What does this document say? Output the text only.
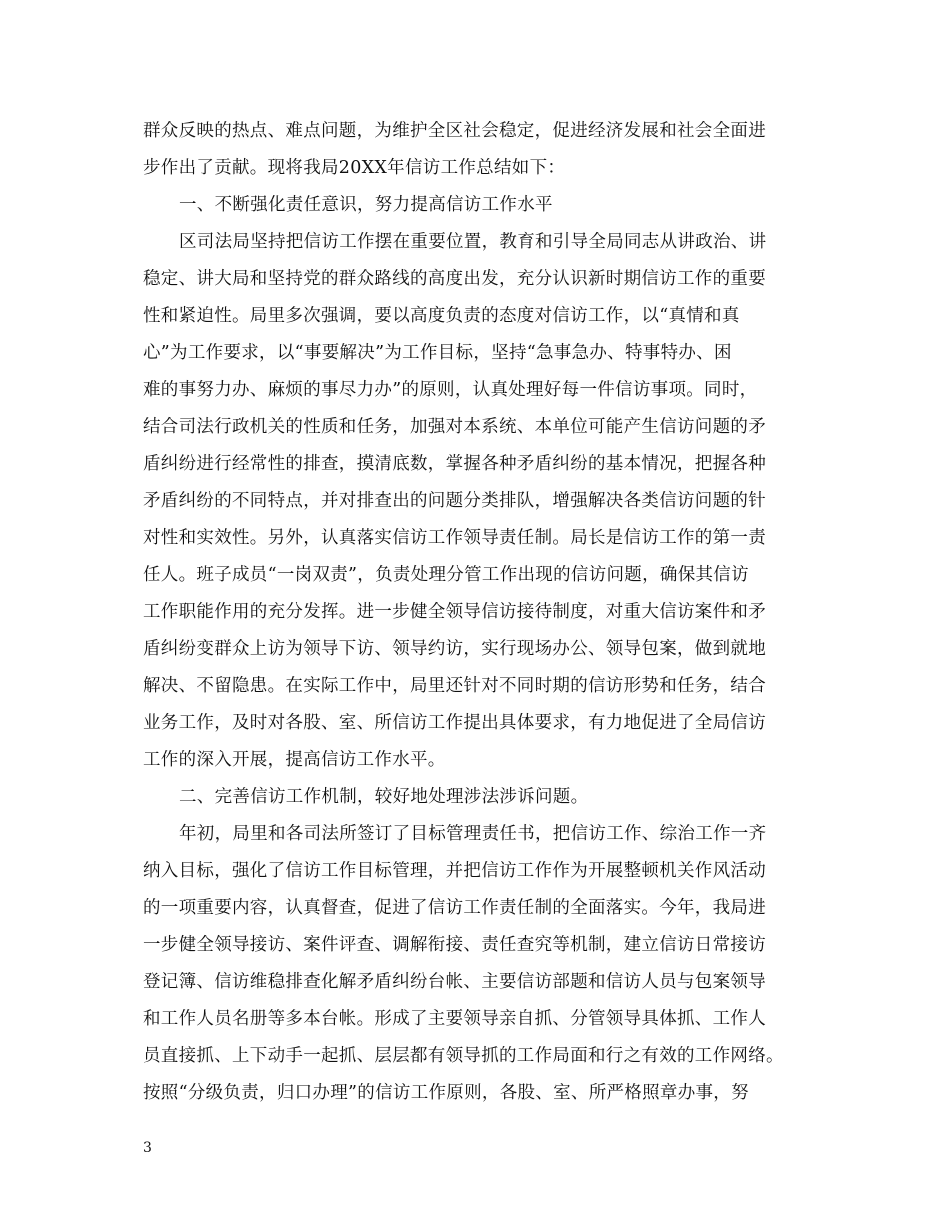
群众反映的热点、难点问题，为维护全区社会稳定，促进经济发展和社会全面进
步作出了贡献。现将我局20XX年信访工作总结如下：
一、不断强化责任意识，努力提高信访工作水平
区司法局坚持把信访工作摆在重要位置，教育和引导全局同志从讲政治、讲
稳定、讲大局和坚持党的群众路线的高度出发，充分认识新时期信访工作的重要
性和紧迫性。局里多次强调，要以高度负责的态度对信访工作，以“真情和真
心”为工作要求，以“事要解决”为工作目标，坚持“急事急办、特事特办、困
难的事努力办、麻烦的事尽力办”的原则，认真处理好每一件信访事项。同时，
结合司法行政机关的性质和任务，加强对本系统、本单位可能产生信访问题的矛
盾纠纷进行经常性的排查，摸清底数，掌握各种矛盾纠纷的基本情况，把握各种
矛盾纠纷的不同特点，并对排查出的问题分类排队，增强解决各类信访问题的针
对性和实效性。另外，认真落实信访工作领导责任制。局长是信访工作的第一责
任人。班子成员“一岗双责”，负责处理分管工作出现的信访问题，确保其信访
工作职能作用的充分发挥。进一步健全领导信访接待制度，对重大信访案件和矛
盾纠纷变群众上访为领导下访、领导约访，实行现场办公、领导包案，做到就地
解决、不留隐患。在实际工作中，局里还针对不同时期的信访形势和任务，结合
业务工作，及时对各股、室、所信访工作提出具体要求，有力地促进了全局信访
工作的深入开展，提高信访工作水平。
二、完善信访工作机制，较好地处理涉法涉诉问题。
年初，局里和各司法所签订了目标管理责任书，把信访工作、综治工作一齐
纳入目标，强化了信访工作目标管理，并把信访工作作为开展整顿机关作风活动
的一项重要内容，认真督查，促进了信访工作责任制的全面落实。今年，我局进
一步健全领导接访、案件评查、调解衔接、责任查究等机制，建立信访日常接访
登记簿、信访维稳排查化解矛盾纠纷台帐、主要信访部题和信访人员与包案领导
和工作人员名册等多本台帐。形成了主要领导亲自抓、分管领导具体抓、工作人
员直接抓、上下动手一起抓、层层都有领导抓的工作局面和行之有效的工作网络。
按照“分级负责，归口办理”的信访工作原则，各股、室、所严格照章办事，努
3
